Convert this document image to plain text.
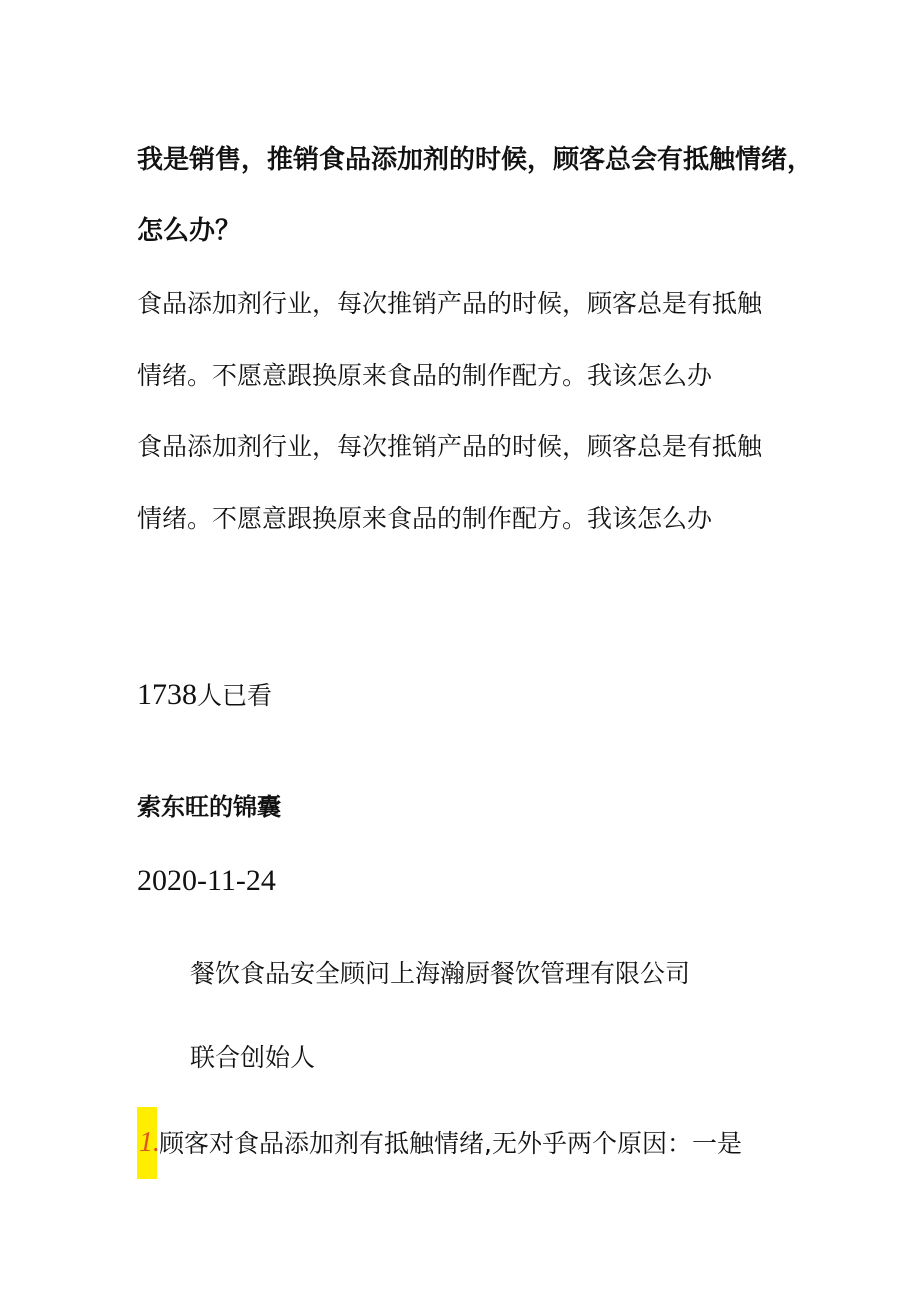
我是销售，推销食品添加剂的时候，顾客总会有抵触情绪，
怎么办？
食品添加剂行业，每次推销产品的时候，顾客总是有抵触
情绪。不愿意跟换原来食品的制作配方。我该怎么办
食品添加剂行业，每次推销产品的时候，顾客总是有抵触
情绪。不愿意跟换原来食品的制作配方。我该怎么办
1738人已看
索东旺的锦囊
2020-11-24
餐饮食品安全顾问上海瀚厨餐饮管理有限公司
联合创始人
1. 顾客对食品添加剂有抵触情绪,无外乎两个原因：一是
